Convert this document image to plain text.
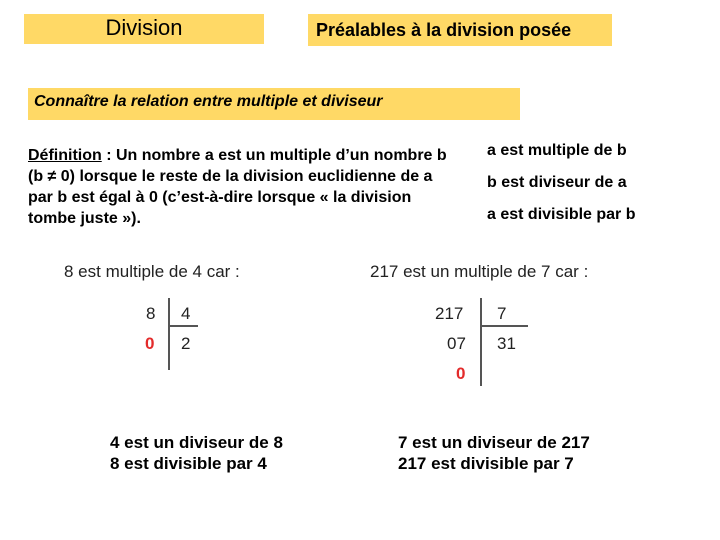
Division	Préalables à la division posée
Connaître la relation entre multiple et diviseur
Définition : Un nombre a est un multiple d’un nombre b (b ≠ 0) lorsque le reste de la division euclidienne de a par b est égal à 0 (c’est-à-dire lorsque « la division tombe juste »).
a est multiple de b
b est diviseur de a
a est divisible par b
8 est multiple de 4 car :
8 4
0 2
217 est un multiple de 7 car :
217 7
07 31
0
4 est un diviseur de 8
8 est divisible par 4
7 est un diviseur de 217
217 est divisible par 7
